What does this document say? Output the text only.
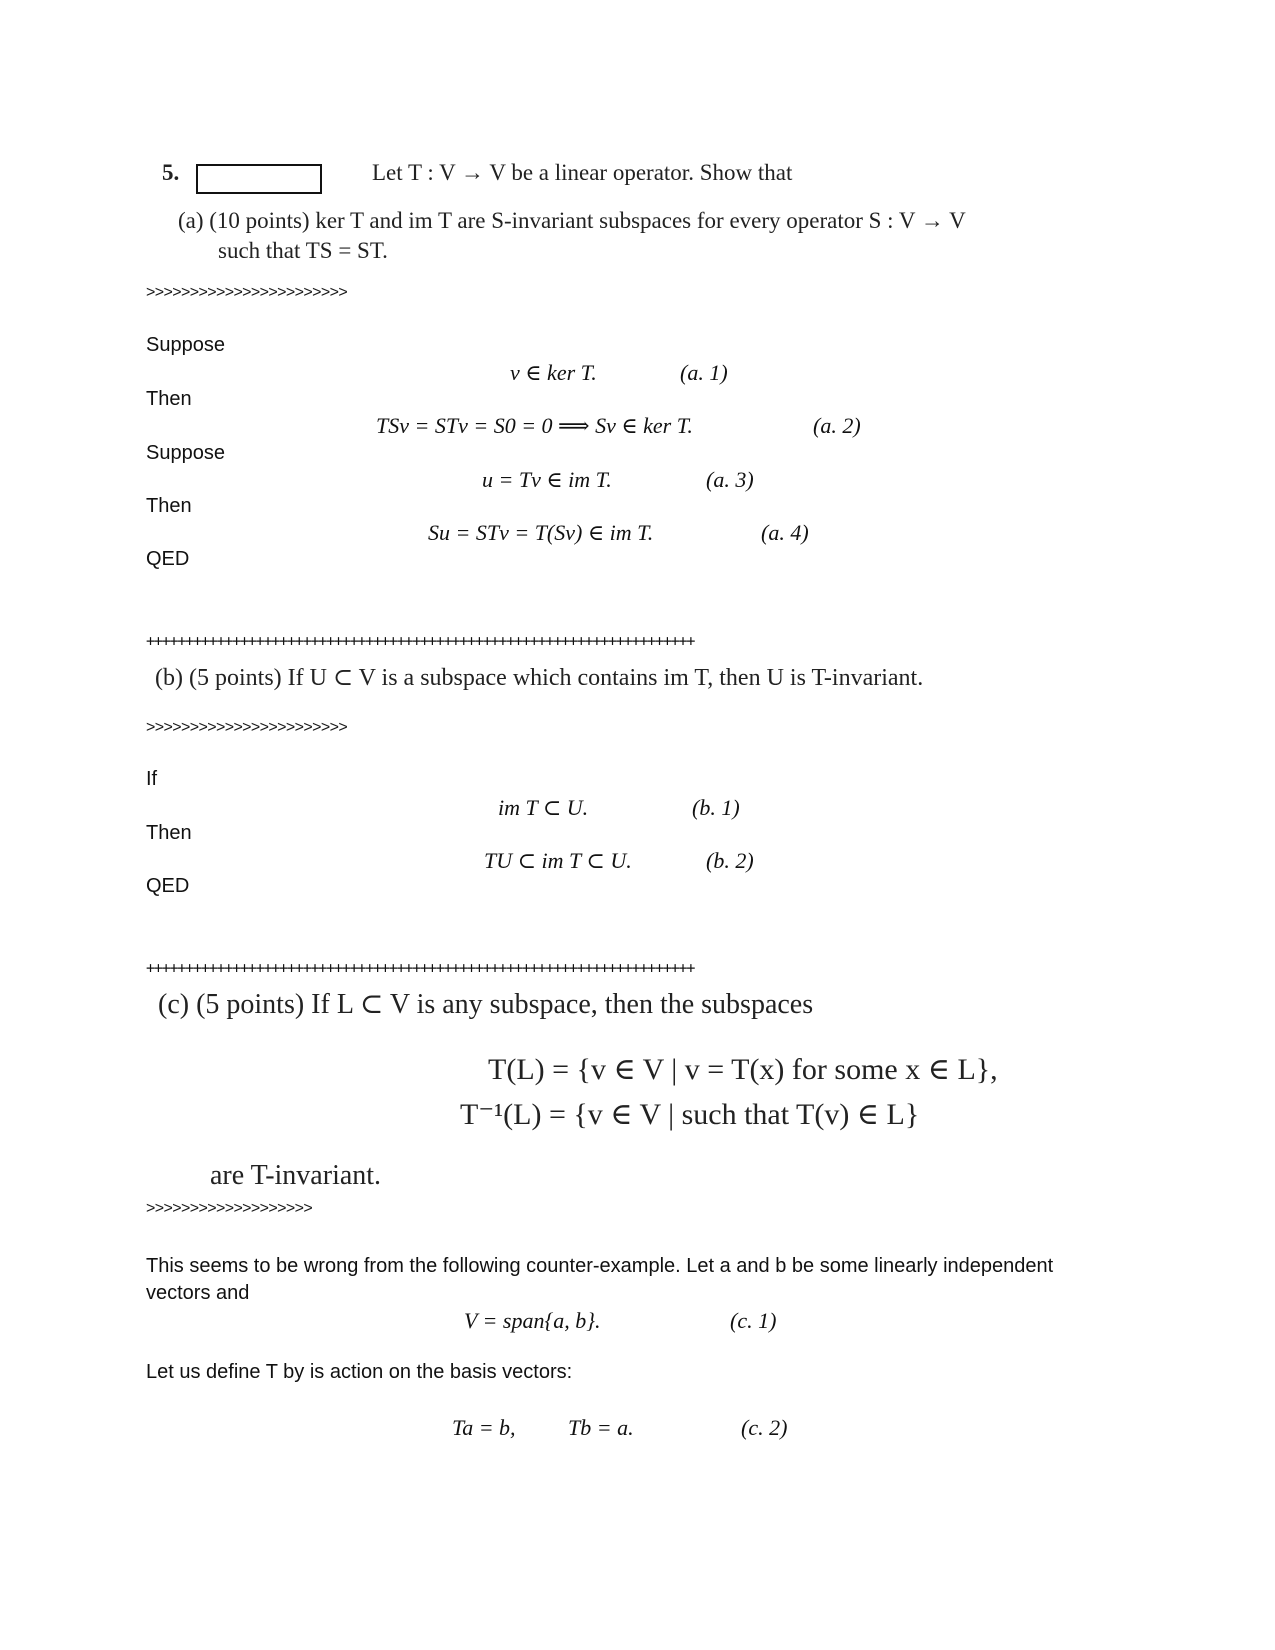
5.	Let T : V → V be a linear operator. Show that
(a) (10 points) ker T and im T are S-invariant subspaces for every operator S : V → V
such that TS = ST.
>>>>>>>>>>>>>>>>>>>>>>>
Suppose
v ∈ ker T.	(a. 1)
Then
TSv = STv = S0 = 0 ⟹ Sv ∈ ker T.	(a. 2)
Suppose
u = Tv ∈ im T.	(a. 3)
Then
Su = STv = T(Sv) ∈ im T.	(a. 4)
QED
++++++++++++++++++++++++++++++++++++++++++++++++++++++++++++++++++++++
(b) (5 points) If U ⊂ V is a subspace which contains im T, then U is T-invariant.
>>>>>>>>>>>>>>>>>>>>>>>
If
im T ⊂ U.	(b. 1)
Then
TU ⊂ im T ⊂ U.	(b. 2)
QED
++++++++++++++++++++++++++++++++++++++++++++++++++++++++++++++++++++++
(c) (5 points) If L ⊂ V is any subspace, then the subspaces
T(L) = {v ∈ V | v = T(x) for some x ∈ L},
T⁻¹(L) = {v ∈ V | such that T(v) ∈ L}
are T-invariant.
>>>>>>>>>>>>>>>>>>>
This seems to be wrong from the following counter-example. Let a and b be some linearly independent
vectors and
V = span{a, b}.	(c. 1)
Let us define T by is action on the basis vectors:
Ta = b, Tb = a.	(c. 2)
